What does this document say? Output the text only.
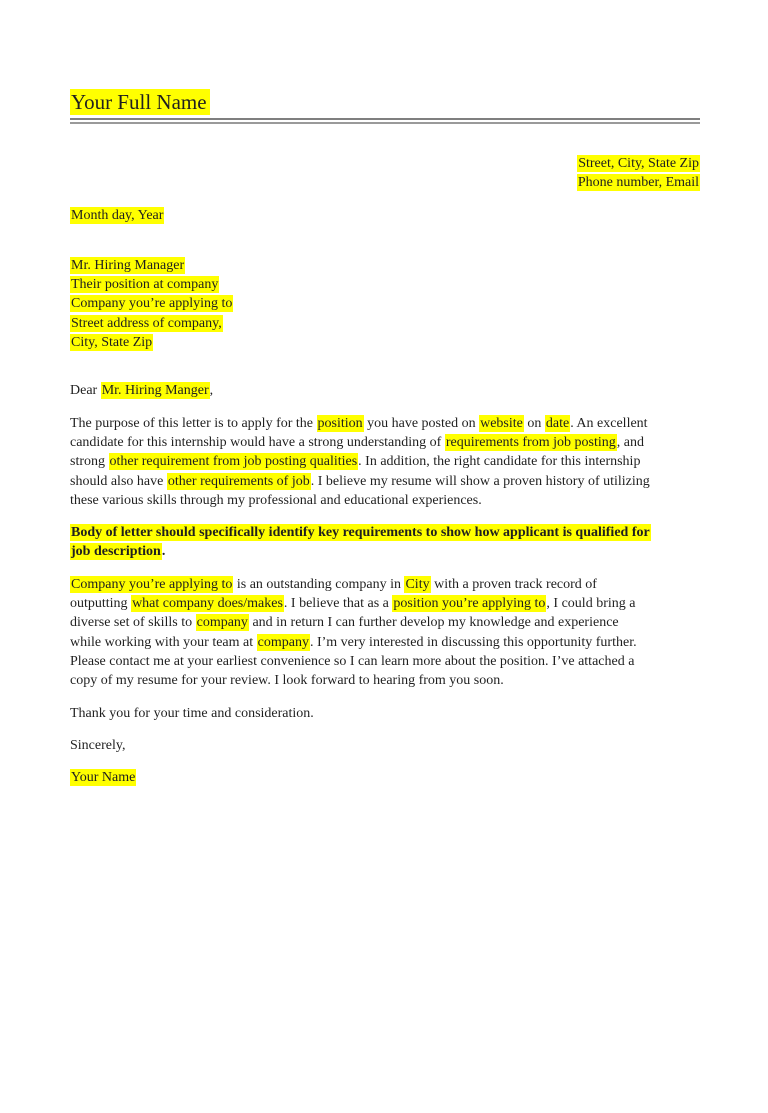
Your Full Name
Street, City, State Zip
Phone number, Email
Month day, Year
Mr. Hiring Manager
Their position at company
Company you’re applying to
Street address of company,
City, State Zip
Dear Mr. Hiring Manger,
The purpose of this letter is to apply for the position you have posted on website on date. An excellent
candidate for this internship would have a strong understanding of requirements from job posting, and
strong other requirement from job posting qualities. In addition, the right candidate for this internship
should also have other requirements of job. I believe my resume will show a proven history of utilizing
these various skills through my professional and educational experiences.
Body of letter should specifically identify key requirements to show how applicant is qualified for
job description.
Company you’re applying to is an outstanding company in City with a proven track record of
outputting what company does/makes. I believe that as a position you’re applying to, I could bring a
diverse set of skills to company and in return I can further develop my knowledge and experience
while working with your team at company. I’m very interested in discussing this opportunity further.
Please contact me at your earliest convenience so I can learn more about the position. I’ve attached a
copy of my resume for your review. I look forward to hearing from you soon.
Thank you for your time and consideration.
Sincerely,
Your Name
